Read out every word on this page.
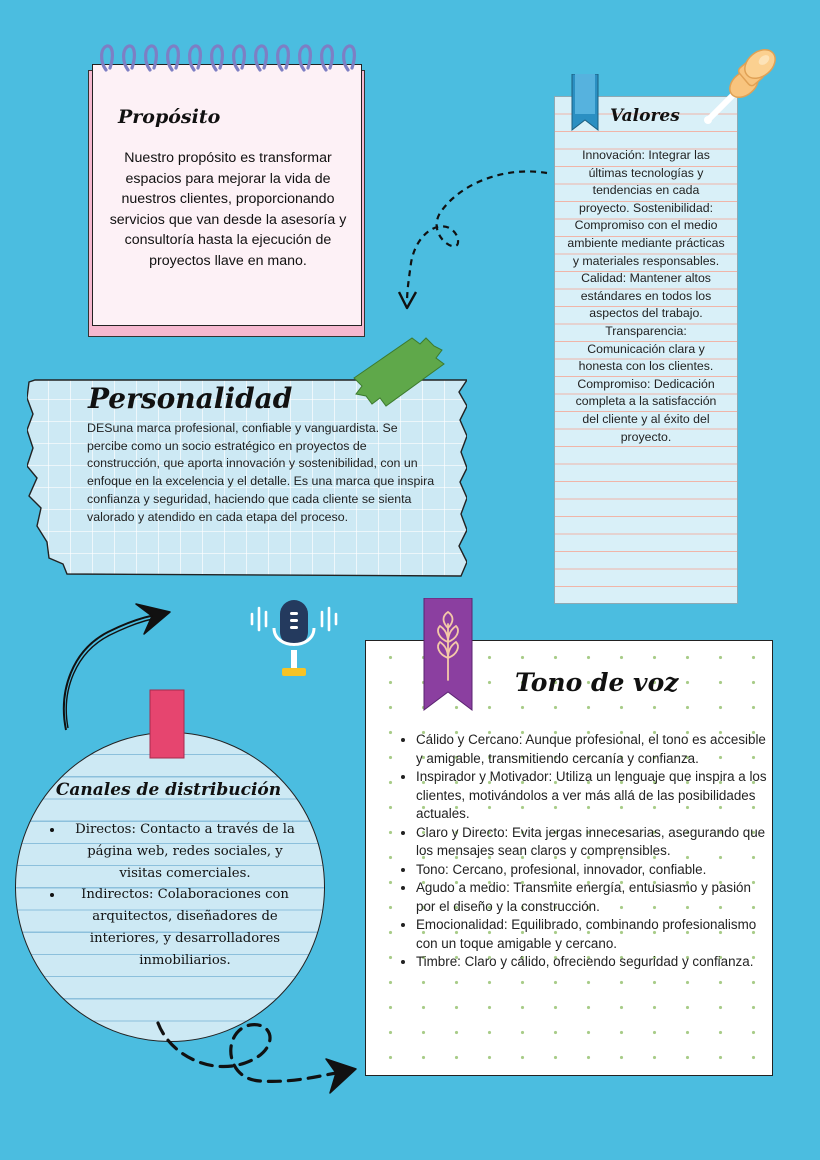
Propósito
Nuestro propósito es transformar espacios para mejorar la vida de nuestros clientes, proporcionando servicios que van desde la asesoría y consultoría hasta la ejecución de proyectos llave en mano.
Valores
Innovación: Integrar las últimas tecnologías y tendencias en cada proyecto. Sostenibilidad: Compromiso con el medio ambiente mediante prácticas y materiales responsables. Calidad: Mantener altos estándares en todos los aspectos del trabajo. Transparencia: Comunicación clara y honesta con los clientes. Compromiso: Dedicación completa a la satisfacción del cliente y al éxito del proyecto.
Personalidad
DESuna marca profesional, confiable y vanguardista. Se percibe como un socio estratégico en proyectos de construcción, que aporta innovación y sostenibilidad, con un enfoque en la excelencia y el detalle. Es una marca que inspira confianza y seguridad, haciendo que cada cliente se sienta valorado y atendido en cada etapa del proceso.
Tono de voz
• Cálido y Cercano: Aunque profesional, el tono es accesible y amigable, transmitiendo cercanía y confianza.
• Inspirador y Motivador: Utiliza un lenguaje que inspira a los clientes, motivándolos a ver más allá de las posibilidades actuales.
• Claro y Directo: Evita jergas innecesarias, asegurando que los mensajes sean claros y comprensibles.
• Tono: Cercano, profesional, innovador, confiable.
• Agudo a medio: Transmite energía, entusiasmo y pasión por el diseño y la construcción.
• Emocionalidad: Equilibrado, combinando profesionalismo con un toque amigable y cercano.
• Timbre: Claro y cálido, ofreciendo seguridad y confianza.
Canales de distribución
• Directos: Contacto a través de la página web, redes sociales, y visitas comerciales.
• Indirectos: Colaboraciones con arquitectos, diseñadores de interiores, y desarrolladores inmobiliarios.
